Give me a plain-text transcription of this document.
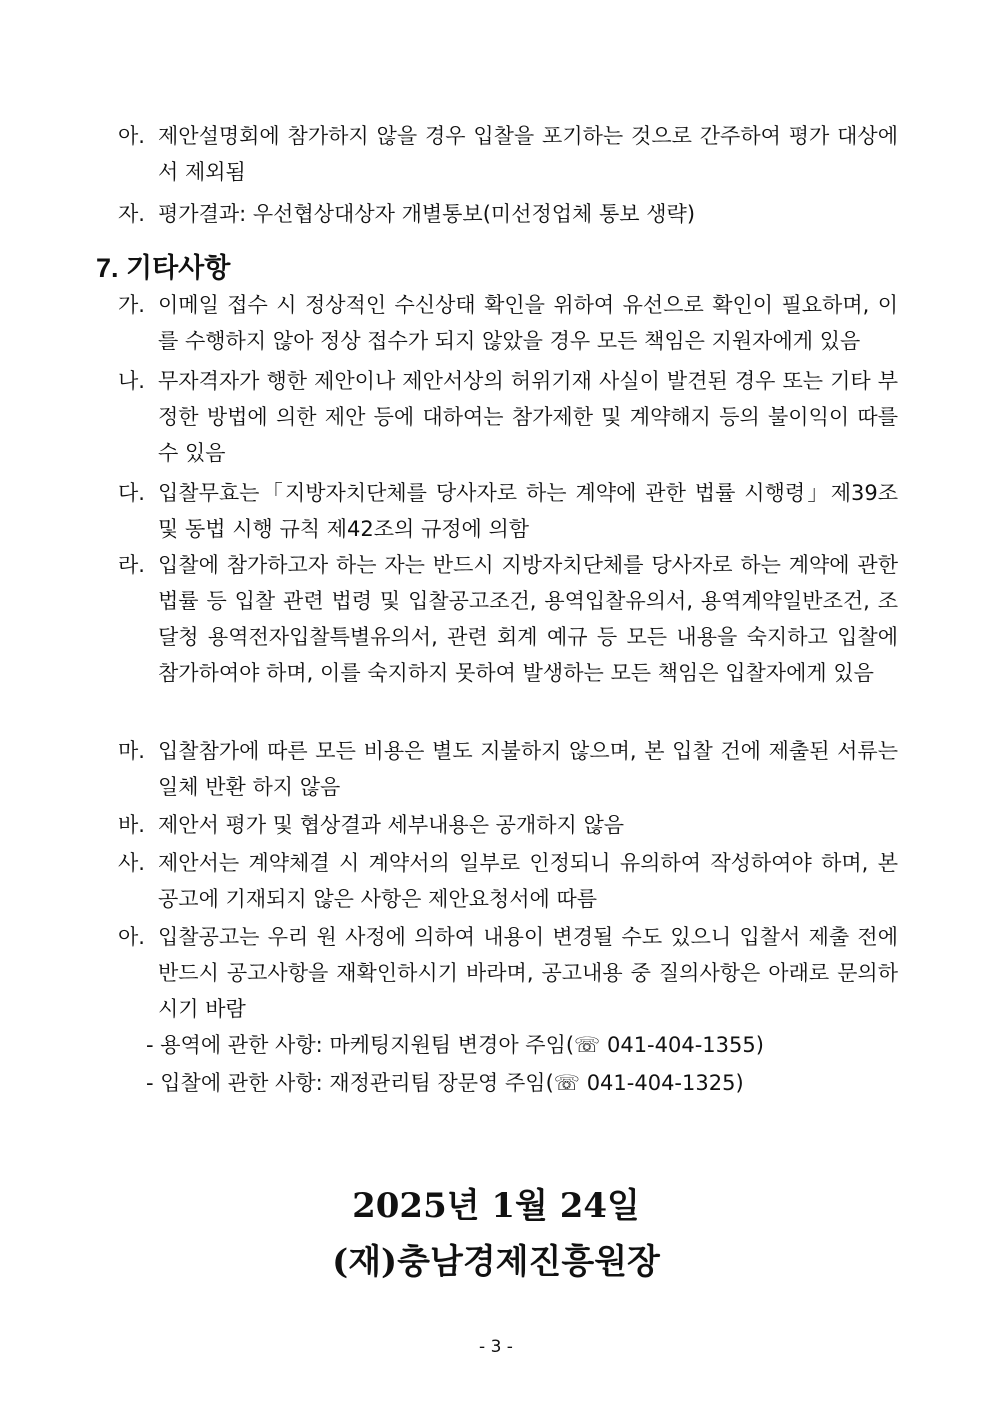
아. 제안설명회에 참가하지 않을 경우 입찰을 포기하는 것으로 간주하여 평가 대상에서 제외됨
자. 평가결과: 우선협상대상자 개별통보(미선정업체 통보 생략)
7. 기타사항
가. 이메일 접수 시 정상적인 수신상태 확인을 위하여 유선으로 확인이 필요하며, 이를 수행하지 않아 정상 접수가 되지 않았을 경우 모든 책임은 지원자에게 있음
나. 무자격자가 행한 제안이나 제안서상의 허위기재 사실이 발견된 경우 또는 기타 부정한 방법에 의한 제안 등에 대하여는 참가제한 및 계약해지 등의 불이익이 따를 수 있음
다. 입찰무효는「지방자치단체를 당사자로 하는 계약에 관한 법률 시행령」제39조 및 동법 시행 규칙 제42조의 규정에 의함
라. 입찰에 참가하고자 하는 자는 반드시 지방자치단체를 당사자로 하는 계약에 관한 법률 등 입찰 관련 법령 및 입찰공고조건, 용역입찰유의서, 용역계약일반조건, 조달청 용역전자입찰특별유의서, 관련 회계 예규 등 모든 내용을 숙지하고 입찰에 참가하여야 하며, 이를 숙지하지 못하여 발생하는 모든 책임은 입찰자에게 있음
마. 입찰참가에 따른 모든 비용은 별도 지불하지 않으며, 본 입찰 건에 제출된 서류는 일체 반환 하지 않음
바. 제안서 평가 및 협상결과 세부내용은 공개하지 않음
사. 제안서는 계약체결 시 계약서의 일부로 인정되니 유의하여 작성하여야 하며, 본 공고에 기재되지 않은 사항은 제안요청서에 따름
아. 입찰공고는 우리 원 사정에 의하여 내용이 변경될 수도 있으니 입찰서 제출 전에 반드시 공고사항을 재확인하시기 바라며, 공고내용 중 질의사항은 아래로 문의하시기 바람
- 용역에 관한 사항: 마케팅지원팀 변경아 주임(☏ 041-404-1355)
- 입찰에 관한 사항: 재정관리팀 장문영 주임(☏ 041-404-1325)
2025년 1월 24일
(재)충남경제진흥원장
- 3 -
